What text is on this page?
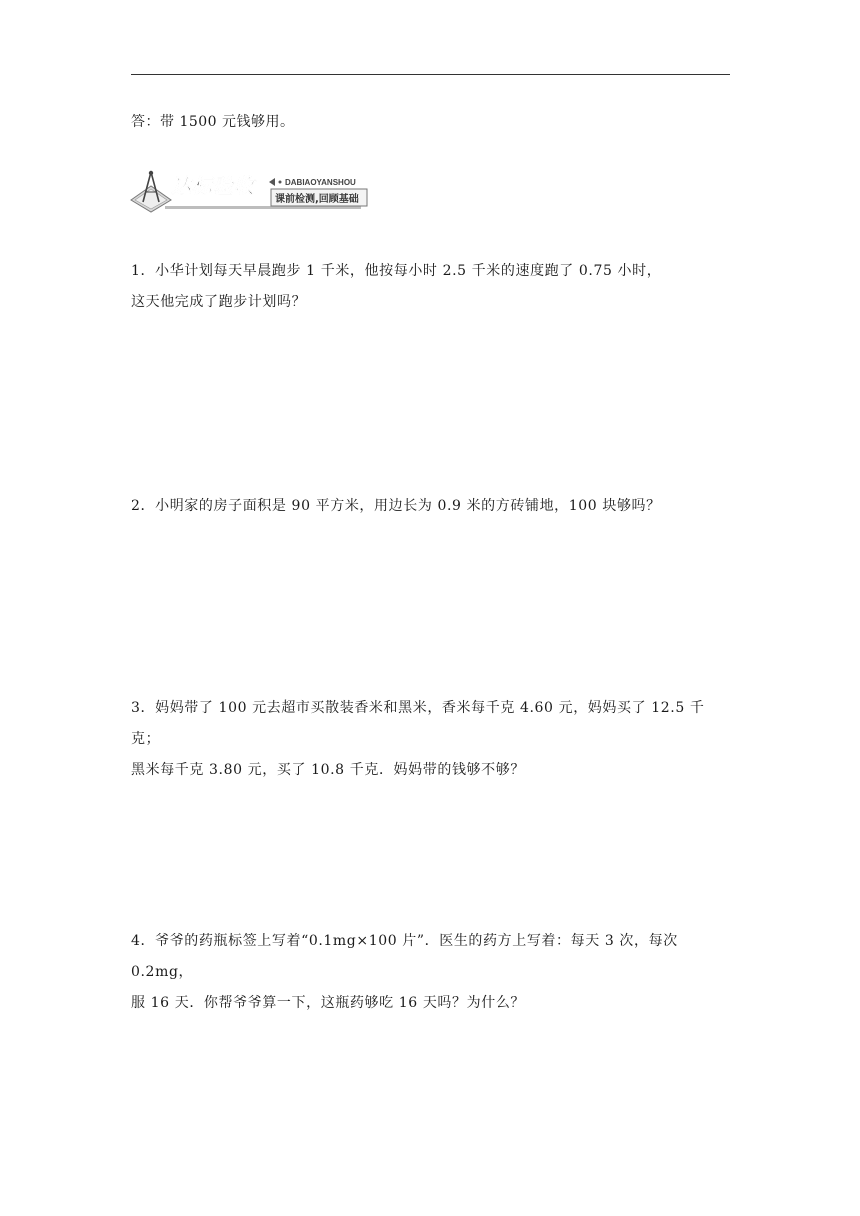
答：带 1500 元钱够用。
达标验收	DABIAOYANSHOU
课前检测,回顾基础
1．小华计划每天早晨跑步 1 千米，他按每小时 2.5 千米的速度跑了 0.75 小时，
这天他完成了跑步计划吗？
2．小明家的房子面积是 90 平方米，用边长为 0.9 米的方砖铺地，100 块够吗？
3．妈妈带了 100 元去超市买散装香米和黑米，香米每千克 4.60 元，妈妈买了 12.5 千克；
黑米每千克 3.80 元，买了 10.8 千克．妈妈带的钱够不够？
4．爷爷的药瓶标签上写着“0.1mg×100 片”．医生的药方上写着：每天 3 次，每次 0.2mg，
服 16 天．你帮爷爷算一下，这瓶药够吃 16 天吗？为什么？
